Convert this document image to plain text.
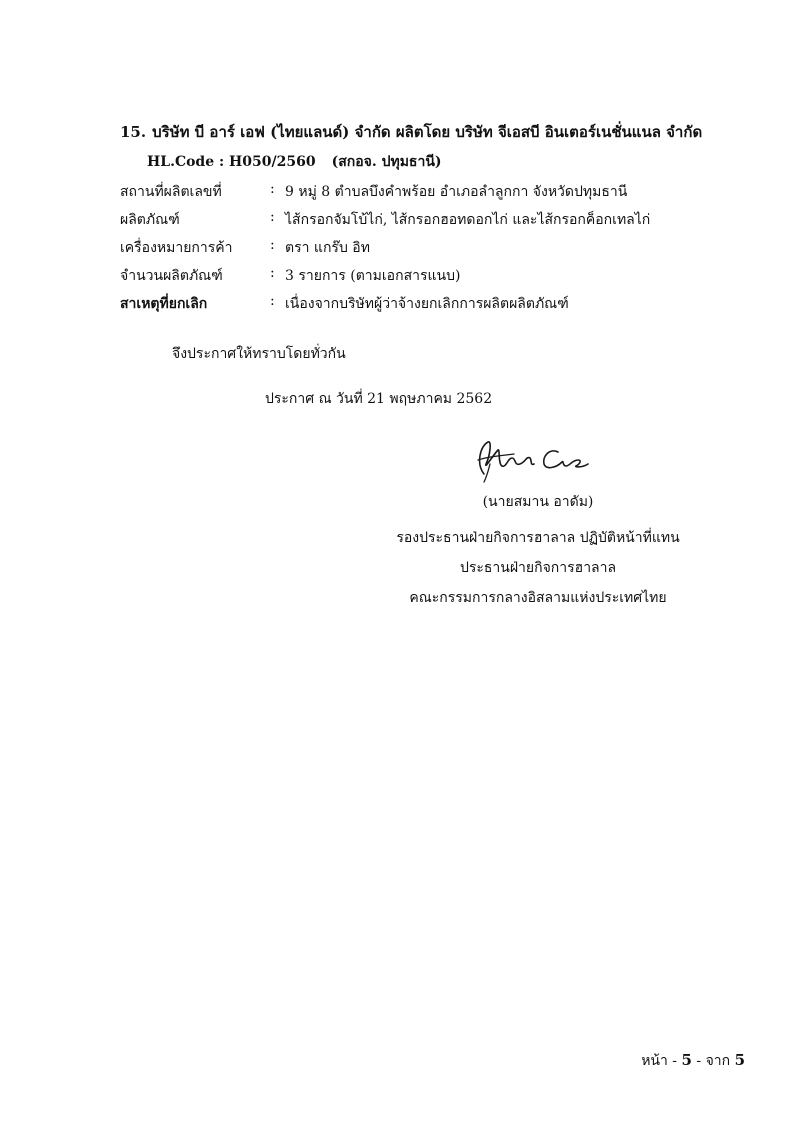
15. บริษัท บี อาร์ เอฟ (ไทยแลนด์) จำกัด ผลิตโดย บริษัท จีเอสบี อินเตอร์เนชั่นแนล จำกัด
HL.Code : H050/2560 (สกอจ. ปทุมธานี)
สถานที่ผลิตเลขที่	: 9 หมู่ 8 ตำบลบึงคำพร้อย อำเภอลำลูกกา จังหวัดปทุมธานี
ผลิตภัณฑ์	: ไส้กรอกจัมโบ้ไก่, ไส้กรอกฮอทดอกไก่ และไส้กรอกค็อกเทลไก่
เครื่องหมายการค้า	: ตรา แกร๊บ อิท
จำนวนผลิตภัณฑ์	: 3 รายการ (ตามเอกสารแนบ)
สาเหตุที่ยกเลิก	: เนื่องจากบริษัทผู้ว่าจ้างยกเลิกการผลิตผลิตภัณฑ์
จึงประกาศให้ทราบโดยทั่วกัน
ประกาศ ณ วันที่ 21 พฤษภาคม 2562
(นายสมาน อาดัม)
รองประธานฝ่ายกิจการฮาลาล ปฏิบัติหน้าที่แทน
ประธานฝ่ายกิจการฮาลาล
คณะกรรมการกลางอิสลามแห่งประเทศไทย
หน้า - 5 - จาก 5
